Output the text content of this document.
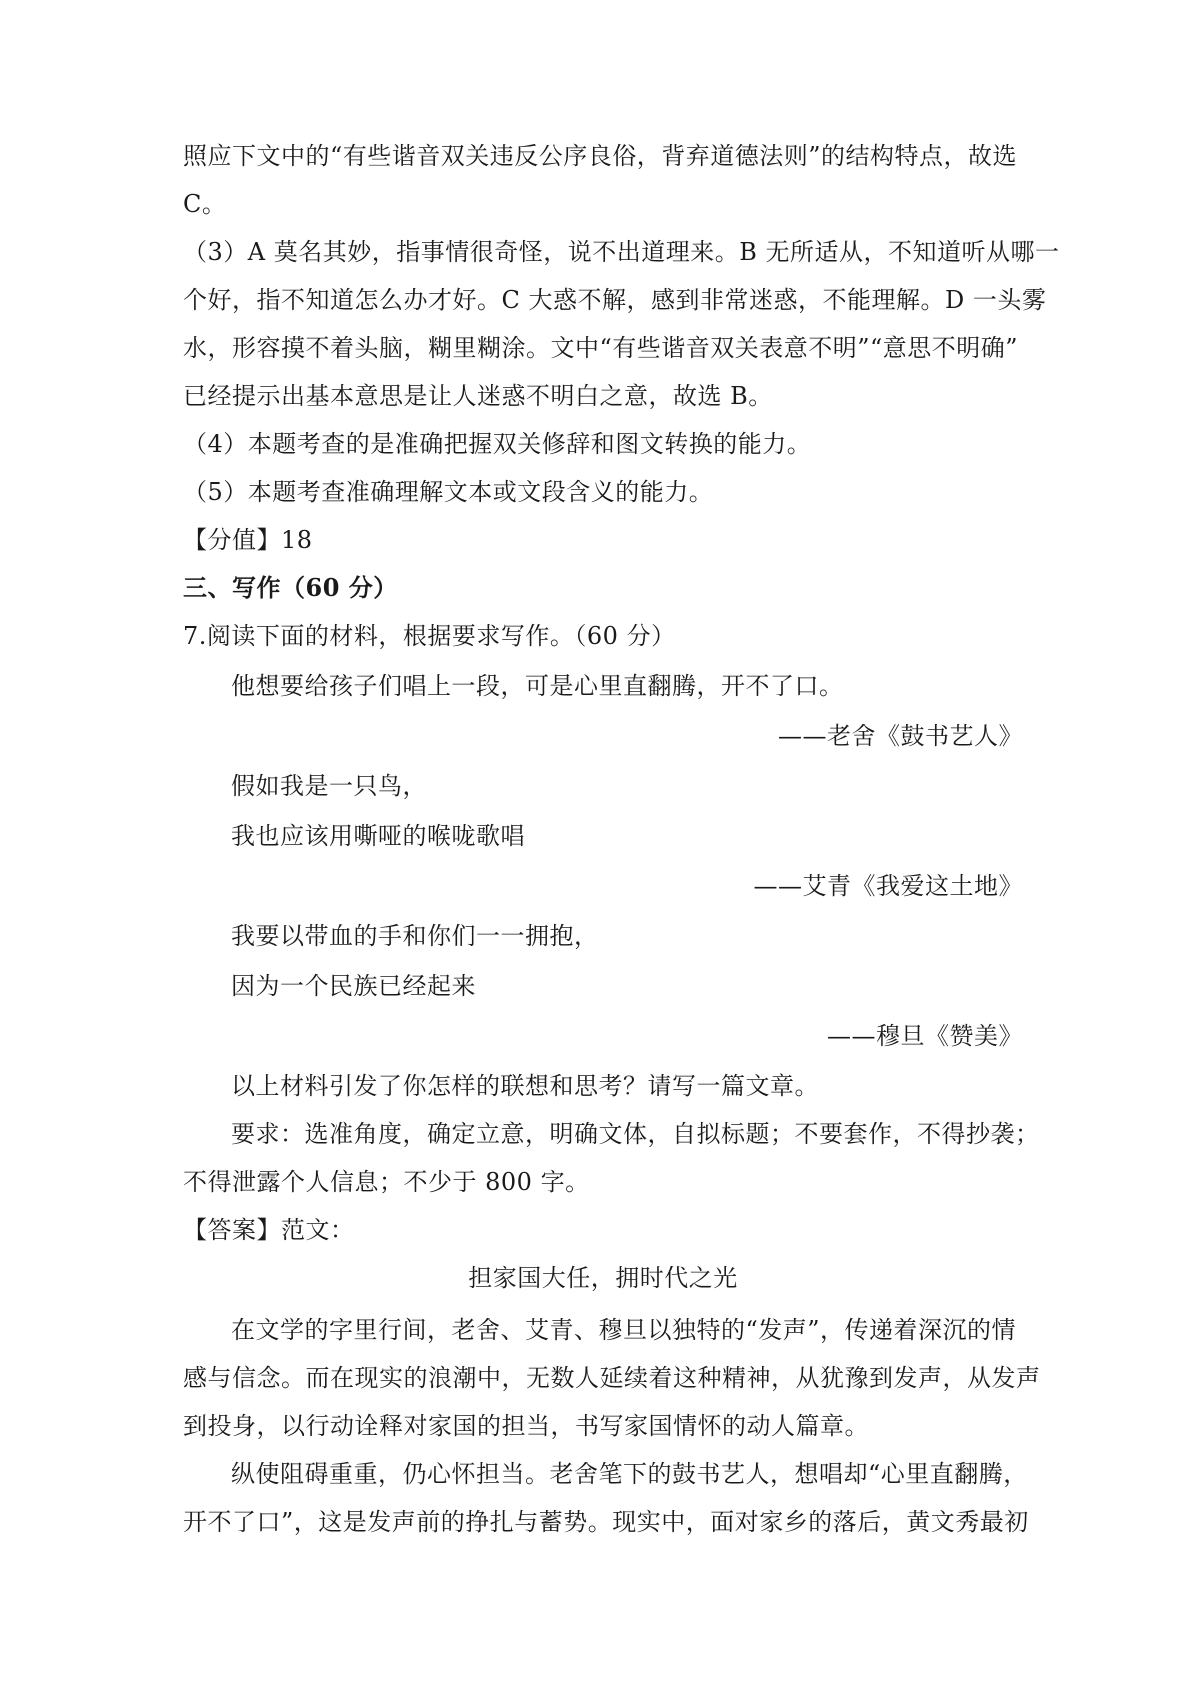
照应下文中的“有些谐音双关违反公序良俗，背弃道德法则”的结构特点，故选
C。
（3）A 莫名其妙，指事情很奇怪，说不出道理来。B 无所适从，不知道听从哪一
个好，指不知道怎么办才好。C 大惑不解，感到非常迷惑，不能理解。D 一头雾
水，形容摸不着头脑，糊里糊涂。文中“有些谐音双关表意不明”“意思不明确”
已经提示出基本意思是让人迷惑不明白之意，故选 B。
（4）本题考查的是准确把握双关修辞和图文转换的能力。
（5）本题考查准确理解文本或文段含义的能力。
【分值】18
三、写作（60 分）
7.阅读下面的材料，根据要求写作。（60 分）
他想要给孩子们唱上一段，可是心里直翻腾，开不了口。
——老舍《鼓书艺人》
假如我是一只鸟，
我也应该用嘶哑的喉咙歌唱
——艾青《我爱这土地》
我要以带血的手和你们一一拥抱，
因为一个民族已经起来
——穆旦《赞美》
以上材料引发了你怎样的联想和思考？请写一篇文章。
要求：选准角度，确定立意，明确文体，自拟标题；不要套作，不得抄袭；
不得泄露个人信息；不少于 800 字。
【答案】范文：
担家国大任，拥时代之光
在文学的字里行间，老舍、艾青、穆旦以独特的“发声”，传递着深沉的情
感与信念。而在现实的浪潮中，无数人延续着这种精神，从犹豫到发声，从发声
到投身，以行动诠释对家国的担当，书写家国情怀的动人篇章。
纵使阻碍重重，仍心怀担当。老舍笔下的鼓书艺人，想唱却“心里直翻腾，
开不了口”，这是发声前的挣扎与蓄势。现实中，面对家乡的落后，黄文秀最初
